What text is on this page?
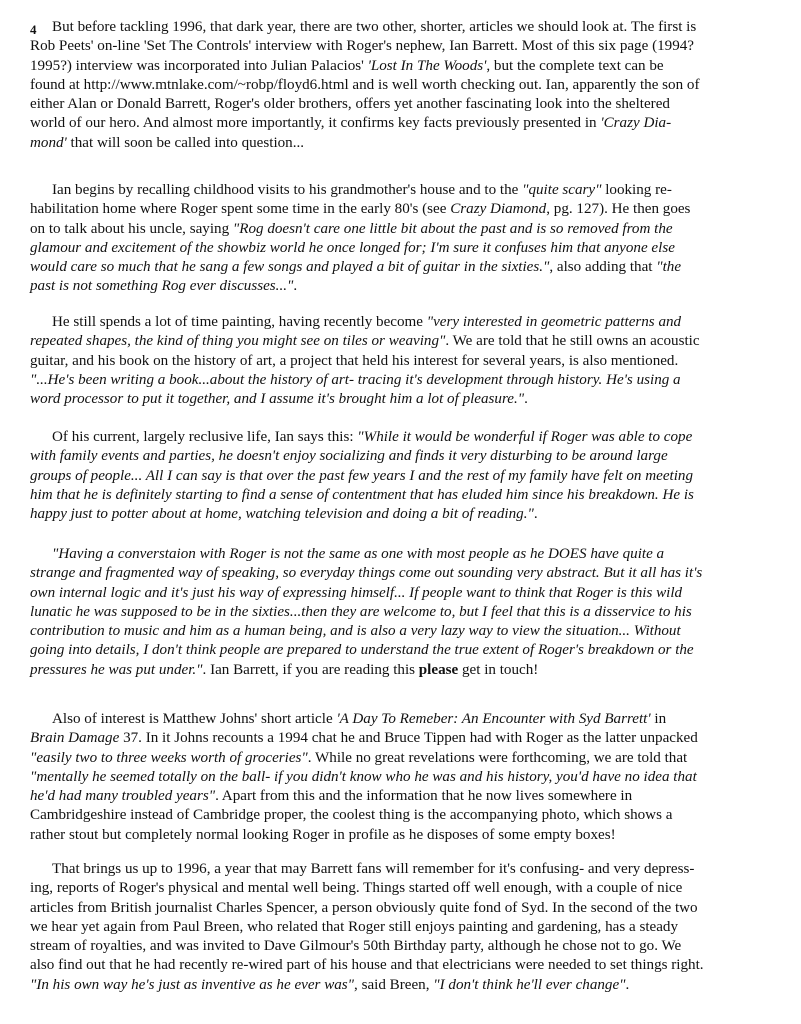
4	But before tackling 1996, that dark year, there are two other, shorter, articles we should look at. The first is
Rob Peets' on-line 'Set The Controls' interview with Roger's nephew, Ian Barrett. Most of this six page (1994?
1995?) interview was incorporated into Julian Palacios' 'Lost In The Woods', but the complete text can be
found at http://www.mtnlake.com/~robp/floyd6.html and is well worth checking out. Ian, apparently the son of
either Alan or Donald Barrett, Roger's older brothers, offers yet another fascinating look into the sheltered
world of our hero. And almost more importantly, it confirms key facts previously presented in 'Crazy Dia-
mond' that will soon be called into question...
Ian begins by recalling childhood visits to his grandmother's house and to the "quite scary" looking re-
habilitation home where Roger spent some time in the early 80's (see Crazy Diamond, pg. 127). He then goes
on to talk about his uncle, saying "Rog doesn't care one little bit about the past and is so removed from the
glamour and excitement of the showbiz world he once longed for; I'm sure it confuses him that anyone else
would care so much that he sang a few songs and played a bit of guitar in the sixties.", also adding that "the
past is not something Rog ever discusses...".
He still spends a lot of time painting, having recently become "very interested in geometric patterns and
repeated shapes, the kind of thing you might see on tiles or weaving". We are told that he still owns an acoustic
guitar, and his book on the history of art, a project that held his interest for several years, is also mentioned.
"...He's been writing a book...about the history of art- tracing it's development through history. He's using a
word processor to put it together, and I assume it's brought him a lot of pleasure.".
Of his current, largely reclusive life, Ian says this: "While it would be wonderful if Roger was able to cope
with family events and parties, he doesn't enjoy socializing and finds it very disturbing to be around large
groups of people... All I can say is that over the past few years I and the rest of my family have felt on meeting
him that he is definitely starting to find a sense of contentment that has eluded him since his breakdown. He is
happy just to potter about at home, watching television and doing a bit of reading.".
"Having a converstaion with Roger is not the same as one with most people as he DOES have quite a
strange and fragmented way of speaking, so everyday things come out sounding very abstract. But it all has it's
own internal logic and it's just his way of expressing himself... If people want to think that Roger is this wild
lunatic he was supposed to be in the sixties...then they are welcome to, but I feel that this is a disservice to his
contribution to music and him as a human being, and is also a very lazy way to view the situation... Without
going into details, I don't think people are prepared to understand the true extent of Roger's breakdown or the
pressures he was put under.". Ian Barrett, if you are reading this please get in touch!
Also of interest is Matthew Johns' short article 'A Day To Remeber: An Encounter with Syd Barrett' in
Brain Damage 37. In it Johns recounts a 1994 chat he and Bruce Tippen had with Roger as the latter unpacked
"easily two to three weeks worth of groceries". While no great revelations were forthcoming, we are told that
"mentally he seemed totally on the ball- if you didn't know who he was and his history, you'd have no idea that
he'd had many troubled years". Apart from this and the information that he now lives somewhere in
Cambridgeshire instead of Cambridge proper, the coolest thing is the accompanying photo, which shows a
rather stout but completely normal looking Roger in profile as he disposes of some empty boxes!
That brings us up to 1996, a year that may Barrett fans will remember for it's confusing- and very depress-
ing, reports of Roger's physical and mental well being. Things started off well enough, with a couple of nice
articles from British journalist Charles Spencer, a person obviously quite fond of Syd. In the second of the two
we hear yet again from Paul Breen, who related that Roger still enjoys painting and gardening, has a steady
stream of royalties, and was invited to Dave Gilmour's 50th Birthday party, although he chose not to go. We
also find out that he had recently re-wired part of his house and that electricians were needed to set things right.
"In his own way he's just as inventive as he ever was", said Breen, "I don't think he'll ever change".
